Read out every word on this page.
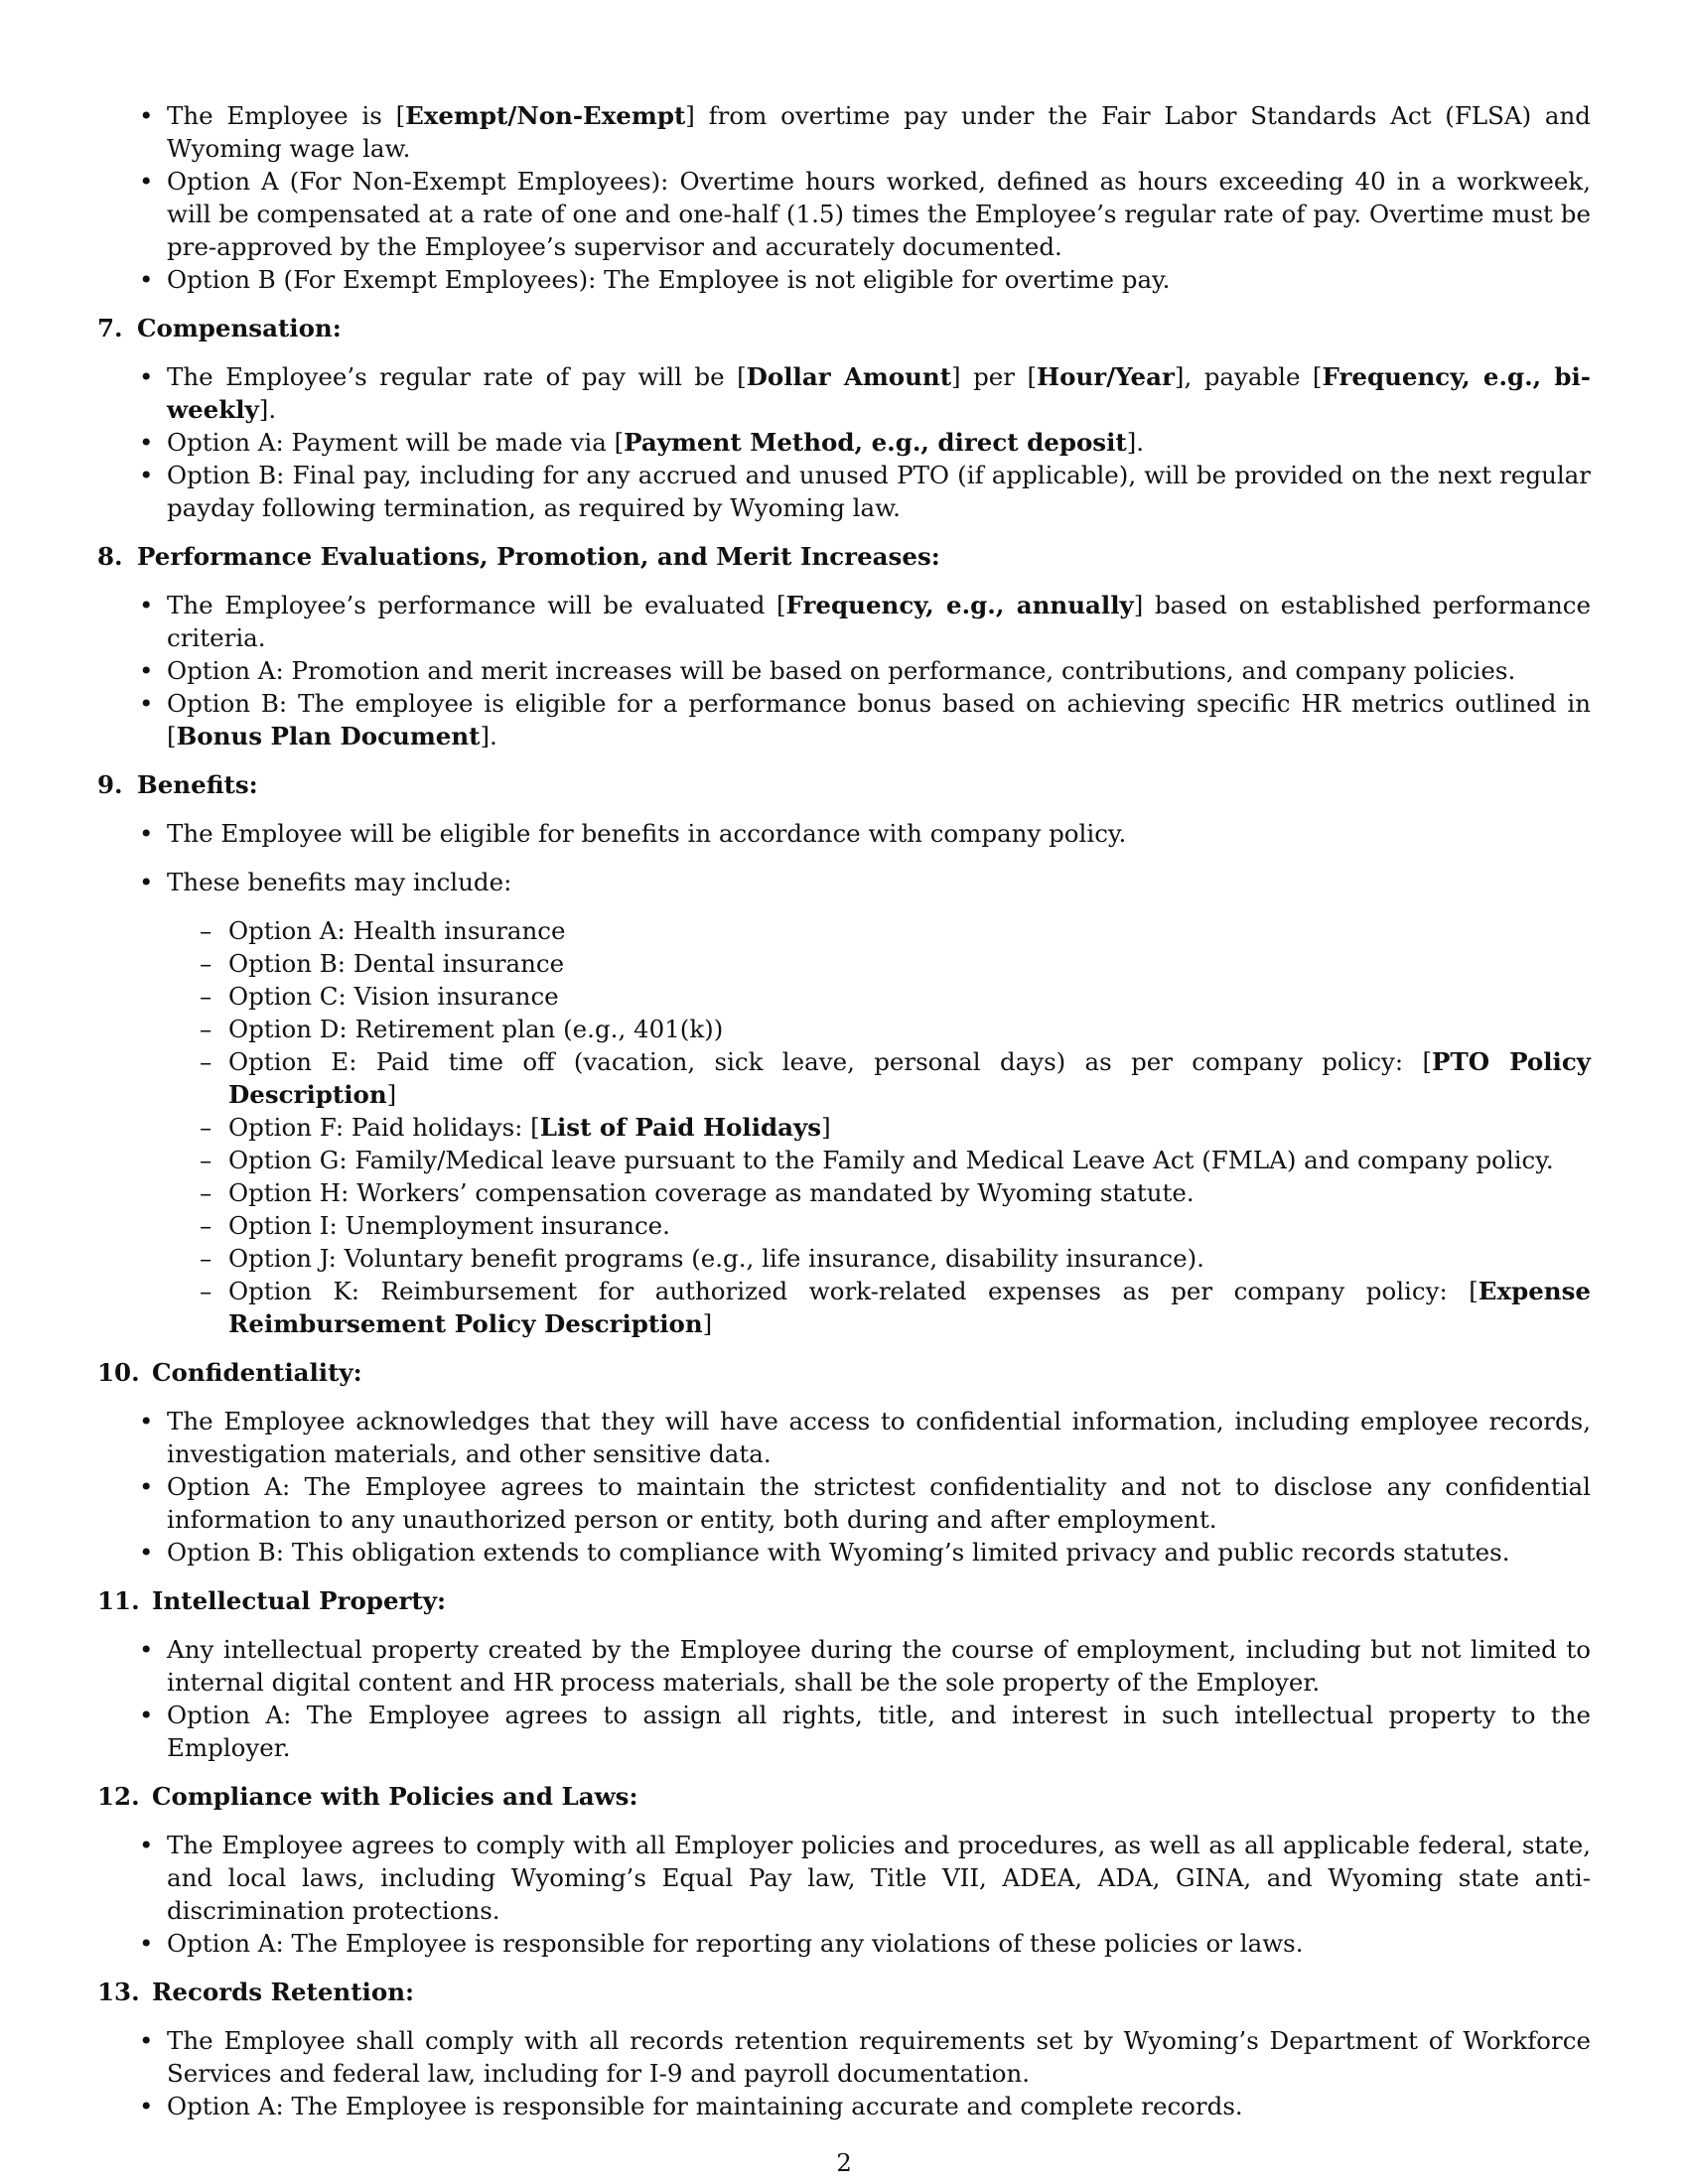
• The Employee is [Exempt/Non-Exempt] from overtime pay under the Fair Labor Standards Act (FLSA) and Wyoming wage law.
• Option A (For Non-Exempt Employees): Overtime hours worked, defined as hours exceeding 40 in a workweek, will be compensated at a rate of one and one-half (1.5) times the Employee’s regular rate of pay. Overtime must be pre-approved by the Employee’s supervisor and accurately documented.
• Option B (For Exempt Employees): The Employee is not eligible for overtime pay.
7. Compensation:
• The Employee’s regular rate of pay will be [Dollar Amount] per [Hour/Year], payable [Frequency, e.g., bi-weekly].
• Option A: Payment will be made via [Payment Method, e.g., direct deposit].
• Option B: Final pay, including for any accrued and unused PTO (if applicable), will be provided on the next regular payday following termination, as required by Wyoming law.
8. Performance Evaluations, Promotion, and Merit Increases:
• The Employee’s performance will be evaluated [Frequency, e.g., annually] based on established performance criteria.
• Option A: Promotion and merit increases will be based on performance, contributions, and company policies.
• Option B: The employee is eligible for a performance bonus based on achieving specific HR metrics outlined in [Bonus Plan Document].
9. Benefits:
• The Employee will be eligible for benefits in accordance with company policy.
• These benefits may include:
– Option A: Health insurance
– Option B: Dental insurance
– Option C: Vision insurance
– Option D: Retirement plan (e.g., 401(k))
– Option E: Paid time off (vacation, sick leave, personal days) as per company policy: [PTO Policy Description]
– Option F: Paid holidays: [List of Paid Holidays]
– Option G: Family/Medical leave pursuant to the Family and Medical Leave Act (FMLA) and company policy.
– Option H: Workers’ compensation coverage as mandated by Wyoming statute.
– Option I: Unemployment insurance.
– Option J: Voluntary benefit programs (e.g., life insurance, disability insurance).
– Option K: Reimbursement for authorized work-related expenses as per company policy: [Expense Reimbursement Policy Description]
10. Confidentiality:
• The Employee acknowledges that they will have access to confidential information, including employee records, investigation materials, and other sensitive data.
• Option A: The Employee agrees to maintain the strictest confidentiality and not to disclose any confidential information to any unauthorized person or entity, both during and after employment.
• Option B: This obligation extends to compliance with Wyoming’s limited privacy and public records statutes.
11. Intellectual Property:
• Any intellectual property created by the Employee during the course of employment, including but not limited to internal digital content and HR process materials, shall be the sole property of the Employer.
• Option A: The Employee agrees to assign all rights, title, and interest in such intellectual property to the Employer.
12. Compliance with Policies and Laws:
• The Employee agrees to comply with all Employer policies and procedures, as well as all applicable federal, state, and local laws, including Wyoming’s Equal Pay law, Title VII, ADEA, ADA, GINA, and Wyoming state anti-discrimination protections.
• Option A: The Employee is responsible for reporting any violations of these policies or laws.
13. Records Retention:
• The Employee shall comply with all records retention requirements set by Wyoming’s Department of Workforce Services and federal law, including for I-9 and payroll documentation.
• Option A: The Employee is responsible for maintaining accurate and complete records.
2
